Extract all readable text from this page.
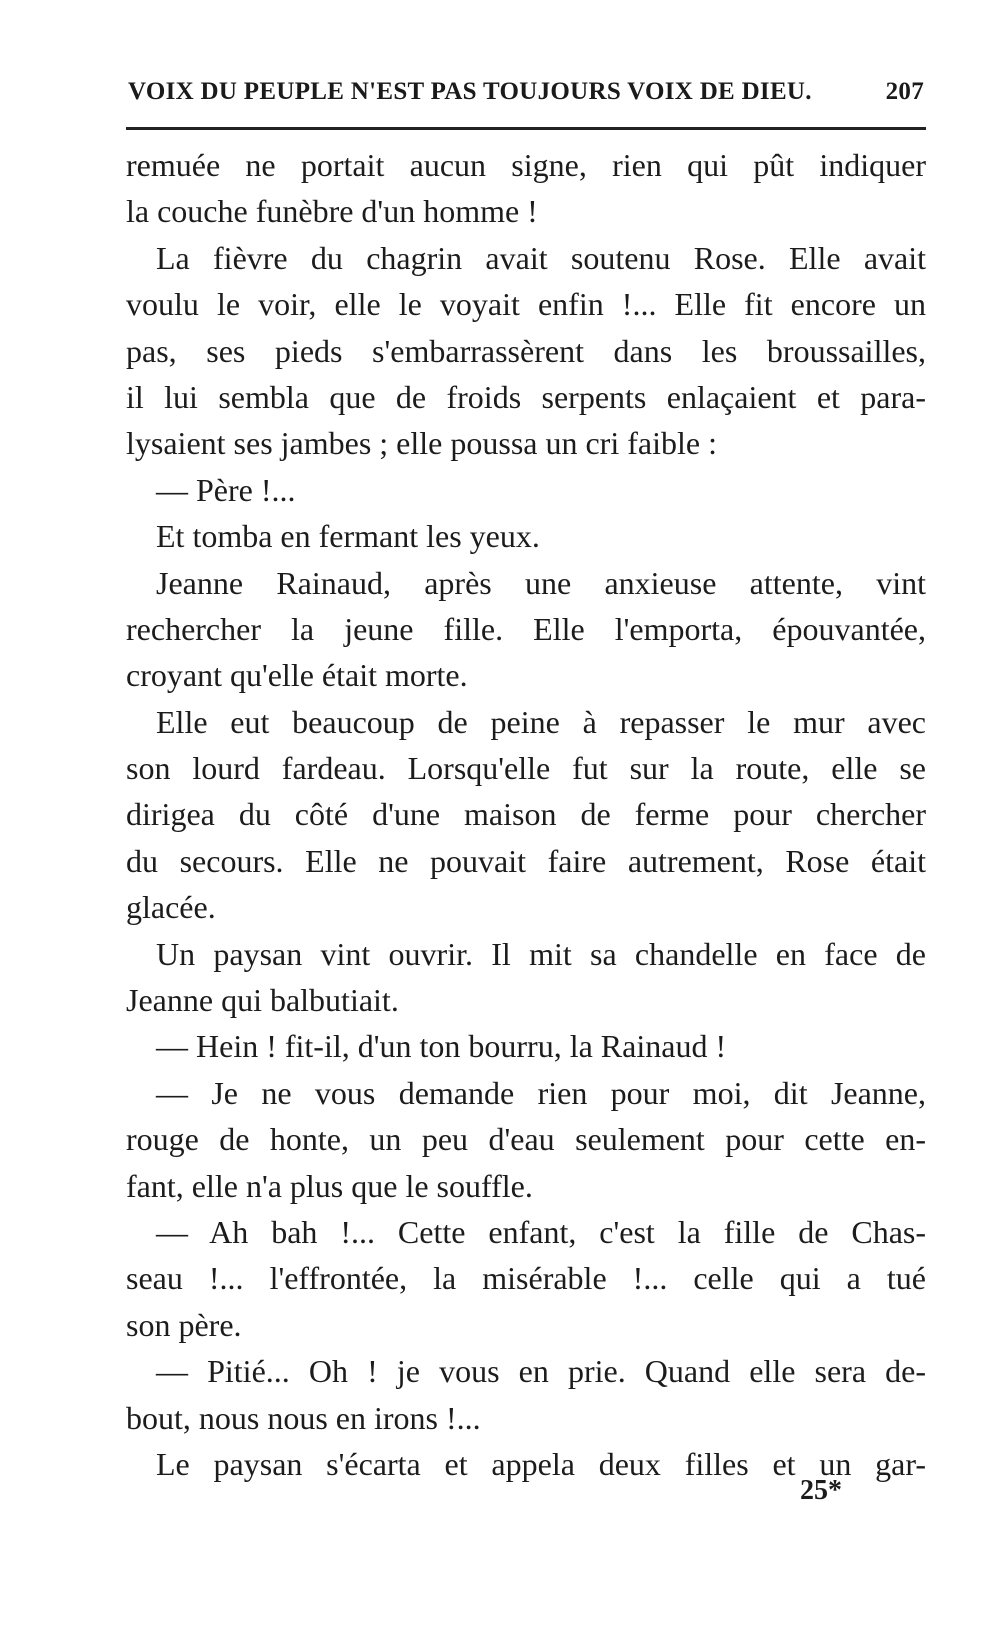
VOIX DU PEUPLE N'EST PAS TOUJOURS VOIX DE DIEU.	207
remuée ne portait aucun signe, rien qui pût indiquer
la couche funèbre d'un homme !
La fièvre du chagrin avait soutenu Rose. Elle avait
voulu le voir, elle le voyait enfin !... Elle fit encore un
pas, ses pieds s'embarrassèrent dans les broussailles,
il lui sembla que de froids serpents enlaçaient et para-
lysaient ses jambes ; elle poussa un cri faible :
— Père !...
Et tomba en fermant les yeux.
Jeanne Rainaud, après une anxieuse attente, vint
rechercher la jeune fille. Elle l'emporta, épouvantée,
croyant qu'elle était morte.
Elle eut beaucoup de peine à repasser le mur avec
son lourd fardeau. Lorsqu'elle fut sur la route, elle se
dirigea du côté d'une maison de ferme pour chercher
du secours. Elle ne pouvait faire autrement, Rose était
glacée.
Un paysan vint ouvrir. Il mit sa chandelle en face de
Jeanne qui balbutiait.
— Hein ! fit-il, d'un ton bourru, la Rainaud !
— Je ne vous demande rien pour moi, dit Jeanne,
rouge de honte, un peu d'eau seulement pour cette en-
fant, elle n'a plus que le souffle.
— Ah bah !... Cette enfant, c'est la fille de Chas-
seau !... l'effrontée, la misérable !... celle qui a tué
son père.
— Pitié... Oh ! je vous en prie. Quand elle sera de-
bout, nous nous en irons !...
Le paysan s'écarta et appela deux filles et un gar-
25*
